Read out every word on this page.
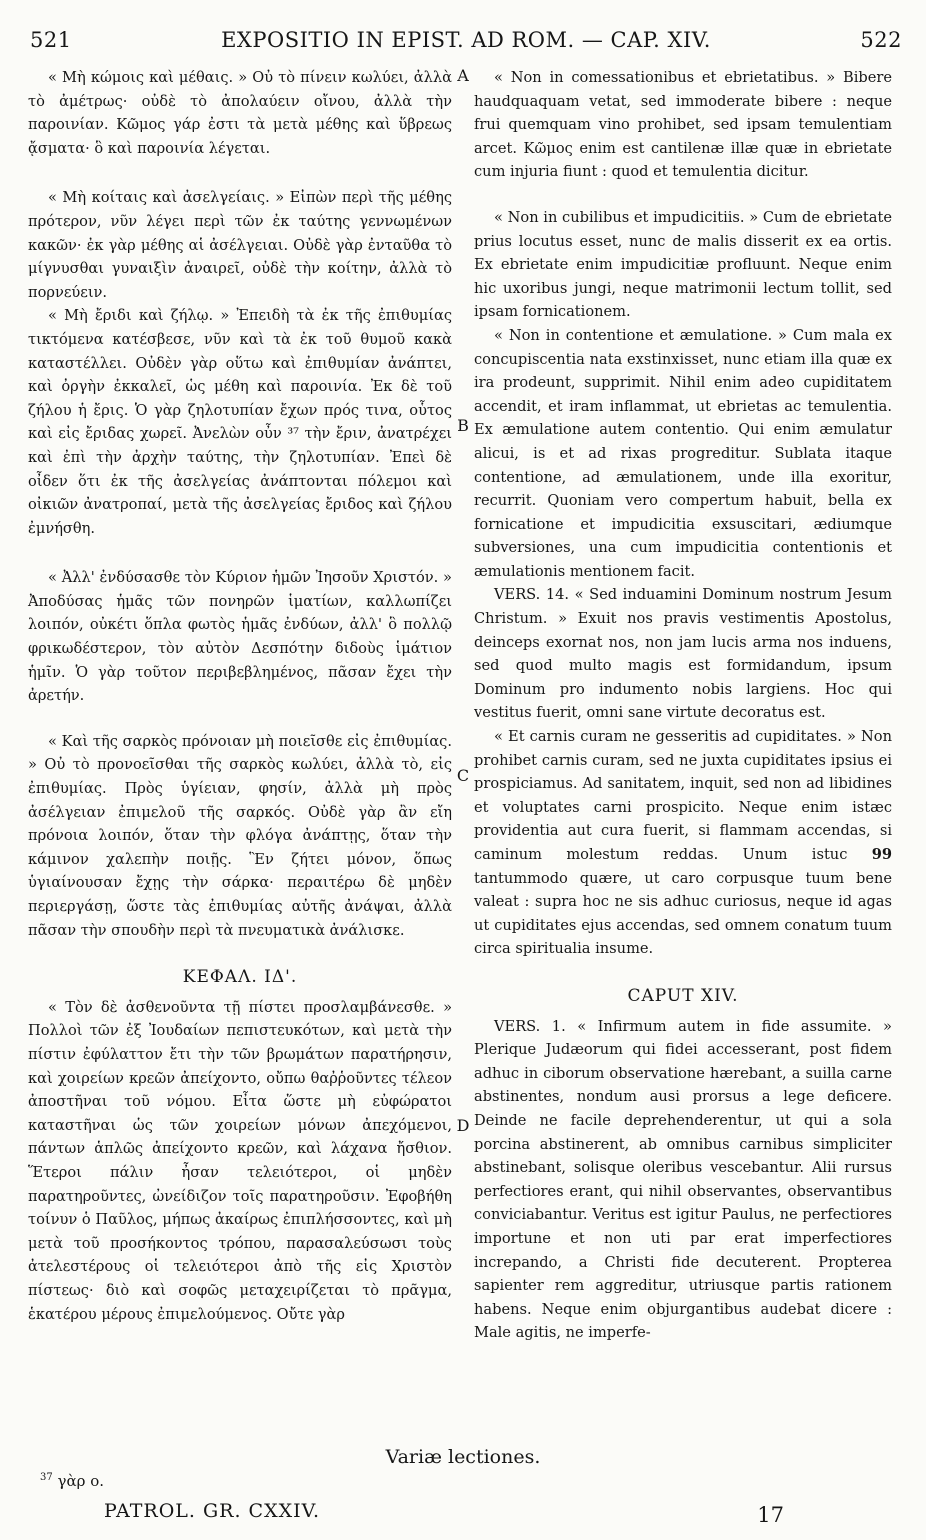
521	EXPOSITIO IN EPIST. AD ROM. — CAP. XIV.	522

« Μὴ κώμοις καὶ μέθαις. » Οὐ τὸ πίνειν κωλύει, ἀλλὰ τὸ ἀμέτρως· οὐδὲ τὸ ἀπολαύειν οἴνου, ἀλλὰ τὴν παροινίαν. Κῶμος γάρ ἐστι τὰ μετὰ μέθης καὶ ὕβρεως ᾄσματα· ὃ καὶ παροινία λέγεται.

« Μὴ κοίταις καὶ ἀσελγείαις. » Εἰπὼν περὶ τῆς μέθης πρότερον, νῦν λέγει περὶ τῶν ἐκ ταύτης γεννωμένων κακῶν· ἐκ γὰρ μέθης αἱ ἀσέλγειαι. Οὐδὲ γὰρ ἐνταῦθα τὸ μίγνυσθαι γυναιξὶν ἀναιρεῖ, οὐδὲ τὴν κοίτην, ἀλλὰ τὸ πορνεύειν.

« Μὴ ἔριδι καὶ ζήλῳ. » Ἐπειδὴ τὰ ἐκ τῆς ἐπιθυμίας τικτόμενα κατέσβεσε, νῦν καὶ τὰ ἐκ τοῦ θυμοῦ κακὰ καταστέλλει. Οὐδὲν γὰρ οὕτω καὶ ἐπιθυμίαν ἀνάπτει, καὶ ὀργὴν ἐκκαλεῖ, ὡς μέθη καὶ παροινία. Ἐκ δὲ τοῦ ζήλου ἡ ἔρις. Ὁ γὰρ ζηλοτυπίαν ἔχων πρός τινα, οὗτος καὶ εἰς ἔριδας χωρεῖ. Ἀνελὼν οὖν ³⁷ τὴν ἔριν, ἀνατρέχει καὶ ἐπὶ τὴν ἀρχὴν ταύτης, τὴν ζηλοτυπίαν. Ἐπεὶ δὲ οἶδεν ὅτι ἐκ τῆς ἀσελγείας ἀνάπτονται πόλεμοι καὶ οἰκιῶν ἀνατροπαί, μετὰ τῆς ἀσελγείας ἔριδος καὶ ζήλου ἐμνήσθη.

« Ἀλλ' ἐνδύσασθε τὸν Κύριον ἡμῶν Ἰησοῦν Χριστόν. » Ἀποδύσας ἡμᾶς τῶν πονηρῶν ἱματίων, καλλωπίζει λοιπόν, οὐκέτι ὅπλα φωτὸς ἡμᾶς ἐνδύων, ἀλλ' ὃ πολλῷ φρικωδέστερον, τὸν αὐτὸν Δεσπότην διδοὺς ἱμάτιον ἡμῖν. Ὁ γὰρ τοῦτον περιβεβλημένος, πᾶσαν ἔχει τὴν ἀρετήν.

« Καὶ τῆς σαρκὸς πρόνοιαν μὴ ποιεῖσθε εἰς ἐπιθυμίας. » Οὐ τὸ προνοεῖσθαι τῆς σαρκὸς κωλύει, ἀλλὰ τὸ, εἰς ἐπιθυμίας. Πρὸς ὑγίειαν, φησίν, ἀλλὰ μὴ πρὸς ἀσέλγειαν ἐπιμελοῦ τῆς σαρκός. Οὐδὲ γὰρ ἂν εἴη πρόνοια λοιπόν, ὅταν τὴν φλόγα ἀνάπτῃς, ὅταν τὴν κάμινον χαλεπὴν ποιῇς. Ἓν ζήτει μόνον, ὅπως ὑγιαίνουσαν ἔχῃς τὴν σάρκα· περαιτέρω δὲ μηδὲν περιεργάσῃ, ὥστε τὰς ἐπιθυμίας αὐτῆς ἀνάψαι, ἀλλὰ πᾶσαν τὴν σπουδὴν περὶ τὰ πνευματικὰ ἀνάλισκε.

ΚΕΦΑΛ. ΙΔ'.

« Τὸν δὲ ἀσθενοῦντα τῇ πίστει προσλαμβάνεσθε. » Πολλοὶ τῶν ἐξ Ἰουδαίων πεπιστευκότων, καὶ μετὰ τὴν πίστιν ἐφύλαττον ἔτι τὴν τῶν βρωμάτων παρατήρησιν, καὶ χοιρείων κρεῶν ἀπείχοντο, οὔπω θαῤῥοῦντες τέλεον ἀποστῆναι τοῦ νόμου. Εἶτα ὥστε μὴ εὐφώρατοι καταστῆναι ὡς τῶν χοιρείων μόνων ἀπεχόμενοι, πάντων ἁπλῶς ἀπείχοντο κρεῶν, καὶ λάχανα ἤσθιον. Ἕτεροι πάλιν ἦσαν τελειότεροι, οἱ μηδὲν παρατηροῦντες, ὠνείδιζον τοῖς παρατηροῦσιν. Ἐφοβήθη τοίνυν ὁ Παῦλος, μήπως ἀκαίρως ἐπιπλήσσοντες, καὶ μὴ μετὰ τοῦ προσήκοντος τρόπου, παρασαλεύσωσι τοὺς ἀτελεστέρους οἱ τελειότεροι ἀπὸ τῆς εἰς Χριστὸν πίστεως· διὸ καὶ σοφῶς μεταχειρίζεται τὸ πρᾶγμα, ἑκατέρου μέρους ἐπιμελούμενος. Οὔτε γὰρ

A
B
C
D

« Non in comessationibus et ebrietatibus. » Bibere haudquaquam vetat, sed immoderate bibere : neque frui quemquam vino prohibet, sed ipsam temulentiam arcet. Κῶμος enim est cantilenæ illæ quæ in ebrietate cum injuria fiunt : quod et temulentia dicitur.

« Non in cubilibus et impudicitiis. » Cum de ebrietate prius locutus esset, nunc de malis disserit ex ea ortis. Ex ebrietate enim impudicitiæ profluunt. Neque enim hic uxoribus jungi, neque matrimonii lectum tollit, sed ipsam fornicationem.

« Non in contentione et æmulatione. » Cum mala ex concupiscentia nata exstinxisset, nunc etiam illa quæ ex ira prodeunt, supprimit. Nihil enim adeo cupiditatem accendit, et iram inflammat, ut ebrietas ac temulentia. Ex æmulatione autem contentio. Qui enim æmulatur alicui, is et ad rixas progreditur. Sublata itaque contentione, ad æmulationem, unde illa exoritur, recurrit. Quoniam vero compertum habuit, bella ex fornicatione et impudicitia exsuscitari, ædiumque subversiones, una cum impudicitia contentionis et æmulationis mentionem facit.

VERS. 14. « Sed induamini Dominum nostrum Jesum Christum. » Exuit nos pravis vestimentis Apostolus, deinceps exornat nos, non jam lucis arma nos induens, sed quod multo magis est formidandum, ipsum Dominum pro indumento nobis largiens. Hoc qui vestitus fuerit, omni sane virtute decoratus est.

« Et carnis curam ne gesseritis ad cupiditates. » Non prohibet carnis curam, sed ne juxta cupiditates ipsius ei prospiciamus. Ad sanitatem, inquit, sed non ad libidines et voluptates carni prospicito. Neque enim istæc providentia aut cura fuerit, si flammam accendas, si caminum molestum reddas. Unum istuc 99 tantummodo quære, ut caro corpusque tuum bene valeat : supra hoc ne sis adhuc curiosus, neque id agas ut cupiditates ejus accendas, sed omnem conatum tuum circa spiritualia insume.

CAPUT XIV.

VERS. 1. « Infirmum autem in fide assumite. » Plerique Judæorum qui fidei accesserant, post fidem adhuc in ciborum observatione hærebant, a suilla carne abstinentes, nondum ausi prorsus a lege deficere. Deinde ne facile deprehenderentur, ut qui a sola porcina abstinerent, ab omnibus carnibus simpliciter abstinebant, solisque oleribus vescebantur. Alii rursus perfectiores erant, qui nihil observantes, observantibus conviciabantur. Veritus est igitur Paulus, ne perfectiores importune et non uti par erat imperfectiores increpando, a Christi fide decuterent. Propterea sapienter rem aggreditur, utriusque partis rationem habens. Neque enim objurgantibus audebat dicere : Male agitis, ne imperfe-

Variæ lectiones.
$^{37}$ γὰρ ο.
PATROL. GR. CXXIV.	17
